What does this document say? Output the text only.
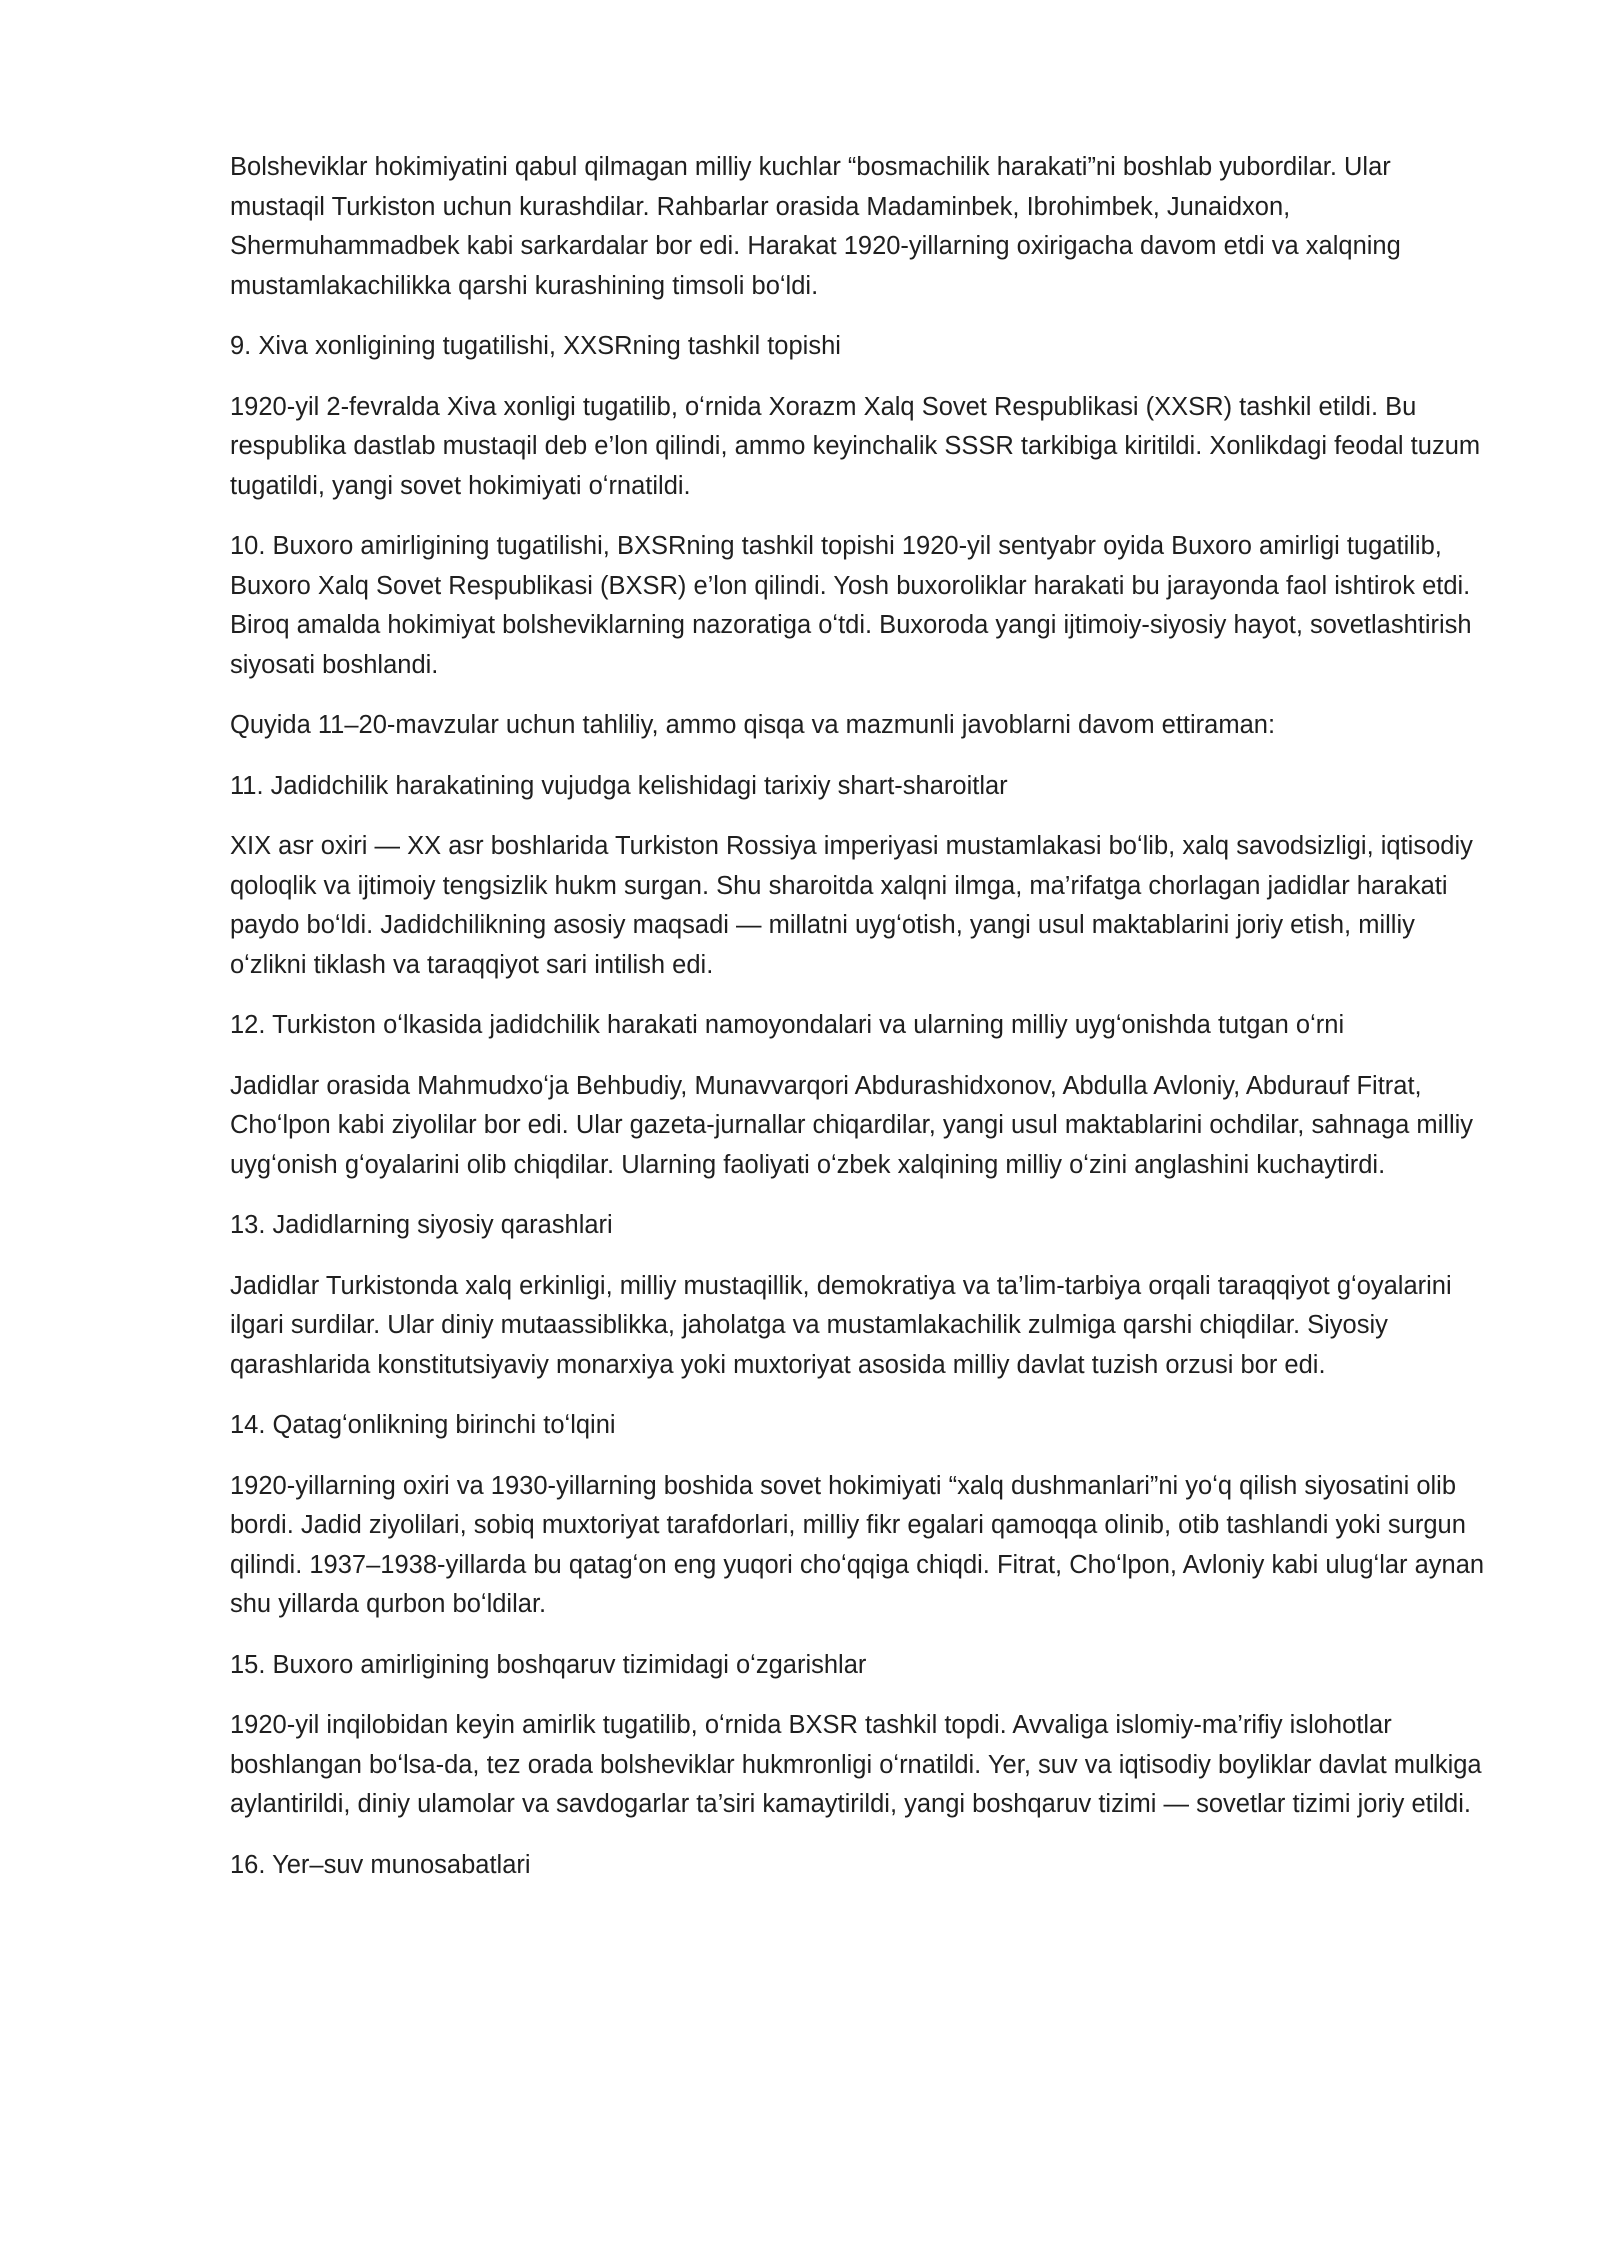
Bolsheviklar hokimiyatini qabul qilmagan milliy kuchlar “bosmachilik harakati”ni boshlab yubordilar. Ular mustaqil Turkiston uchun kurashdilar. Rahbarlar orasida Madaminbek, Ibrohimbek, Junaidxon, Shermuhammadbek kabi sarkardalar bor edi. Harakat 1920-yillarning oxirigacha davom etdi va xalqning mustamlakachilikka qarshi kurashining timsoli boʻldi.

9. Xiva xonligining tugatilishi, XXSRning tashkil topishi

1920-yil 2-fevralda Xiva xonligi tugatilib, oʻrnida Xorazm Xalq Sovet Respublikasi (XXSR) tashkil etildi. Bu respublika dastlab mustaqil deb e’lon qilindi, ammo keyinchalik SSSR tarkibiga kiritildi. Xonlikdagi feodal tuzum tugatildi, yangi sovet hokimiyati oʻrnatildi.

10. Buxoro amirligining tugatilishi, BXSRning tashkil topishi 1920-yil sentyabr oyida Buxoro amirligi tugatilib, Buxoro Xalq Sovet Respublikasi (BXSR) e’lon qilindi. Yosh buxoroliklar harakati bu jarayonda faol ishtirok etdi. Biroq amalda hokimiyat bolsheviklarning nazoratiga oʻtdi. Buxoroda yangi ijtimoiy-siyosiy hayot, sovetlashtirish siyosati boshlandi.

Quyida 11–20-mavzular uchun tahliliy, ammo qisqa va mazmunli javoblarni davom ettiraman:

11. Jadidchilik harakatining vujudga kelishidagi tarixiy shart-sharoitlar

XIX asr oxiri — XX asr boshlarida Turkiston Rossiya imperiyasi mustamlakasi boʻlib, xalq savodsizligi, iqtisodiy qoloqlik va ijtimoiy tengsizlik hukm surgan. Shu sharoitda xalqni ilmga, ma’rifatga chorlagan jadidlar harakati paydo boʻldi. Jadidchilikning asosiy maqsadi — millatni uygʻotish, yangi usul maktablarini joriy etish, milliy oʻzlikni tiklash va taraqqiyot sari intilish edi.

12. Turkiston oʻlkasida jadidchilik harakati namoyondalari va ularning milliy uygʻonishda tutgan oʻrni

Jadidlar orasida Mahmudxoʻja Behbudiy, Munavvarqori Abdurashidxonov, Abdulla Avloniy, Abdurauf Fitrat, Choʻlpon kabi ziyolilar bor edi. Ular gazeta-jurnallar chiqardilar, yangi usul maktablarini ochdilar, sahnaga milliy uygʻonish gʻoyalarini olib chiqdilar. Ularning faoliyati oʻzbek xalqining milliy oʻzini anglashini kuchaytirdi.

13. Jadidlarning siyosiy qarashlari

Jadidlar Turkistonda xalq erkinligi, milliy mustaqillik, demokratiya va ta’lim-tarbiya orqali taraqqiyot gʻoyalarini ilgari surdilar. Ular diniy mutaassiblikka, jaholatga va mustamlakachilik zulmiga qarshi chiqdilar. Siyosiy qarashlarida konstitutsiyaviy monarxiya yoki muxtoriyat asosida milliy davlat tuzish orzusi bor edi.

14. Qatagʻonlikning birinchi toʻlqini

1920-yillarning oxiri va 1930-yillarning boshida sovet hokimiyati “xalq dushmanlari”ni yoʻq qilish siyosatini olib bordi. Jadid ziyolilari, sobiq muxtoriyat tarafdorlari, milliy fikr egalari qamoqqa olinib, otib tashlandi yoki surgun qilindi. 1937–1938-yillarda bu qatagʻon eng yuqori choʻqqiga chiqdi. Fitrat, Choʻlpon, Avloniy kabi ulugʻlar aynan shu yillarda qurbon boʻldilar.

15. Buxoro amirligining boshqaruv tizimidagi oʻzgarishlar

1920-yil inqilobidan keyin amirlik tugatilib, oʻrnida BXSR tashkil topdi. Avvaliga islomiy-ma’rifiy islohotlar boshlangan boʻlsa-da, tez orada bolsheviklar hukmronligi oʻrnatildi. Yer, suv va iqtisodiy boyliklar davlat mulkiga aylantirildi, diniy ulamolar va savdogarlar ta’siri kamaytirildi, yangi boshqaruv tizimi — sovetlar tizimi joriy etildi.

16. Yer–suv munosabatlari
